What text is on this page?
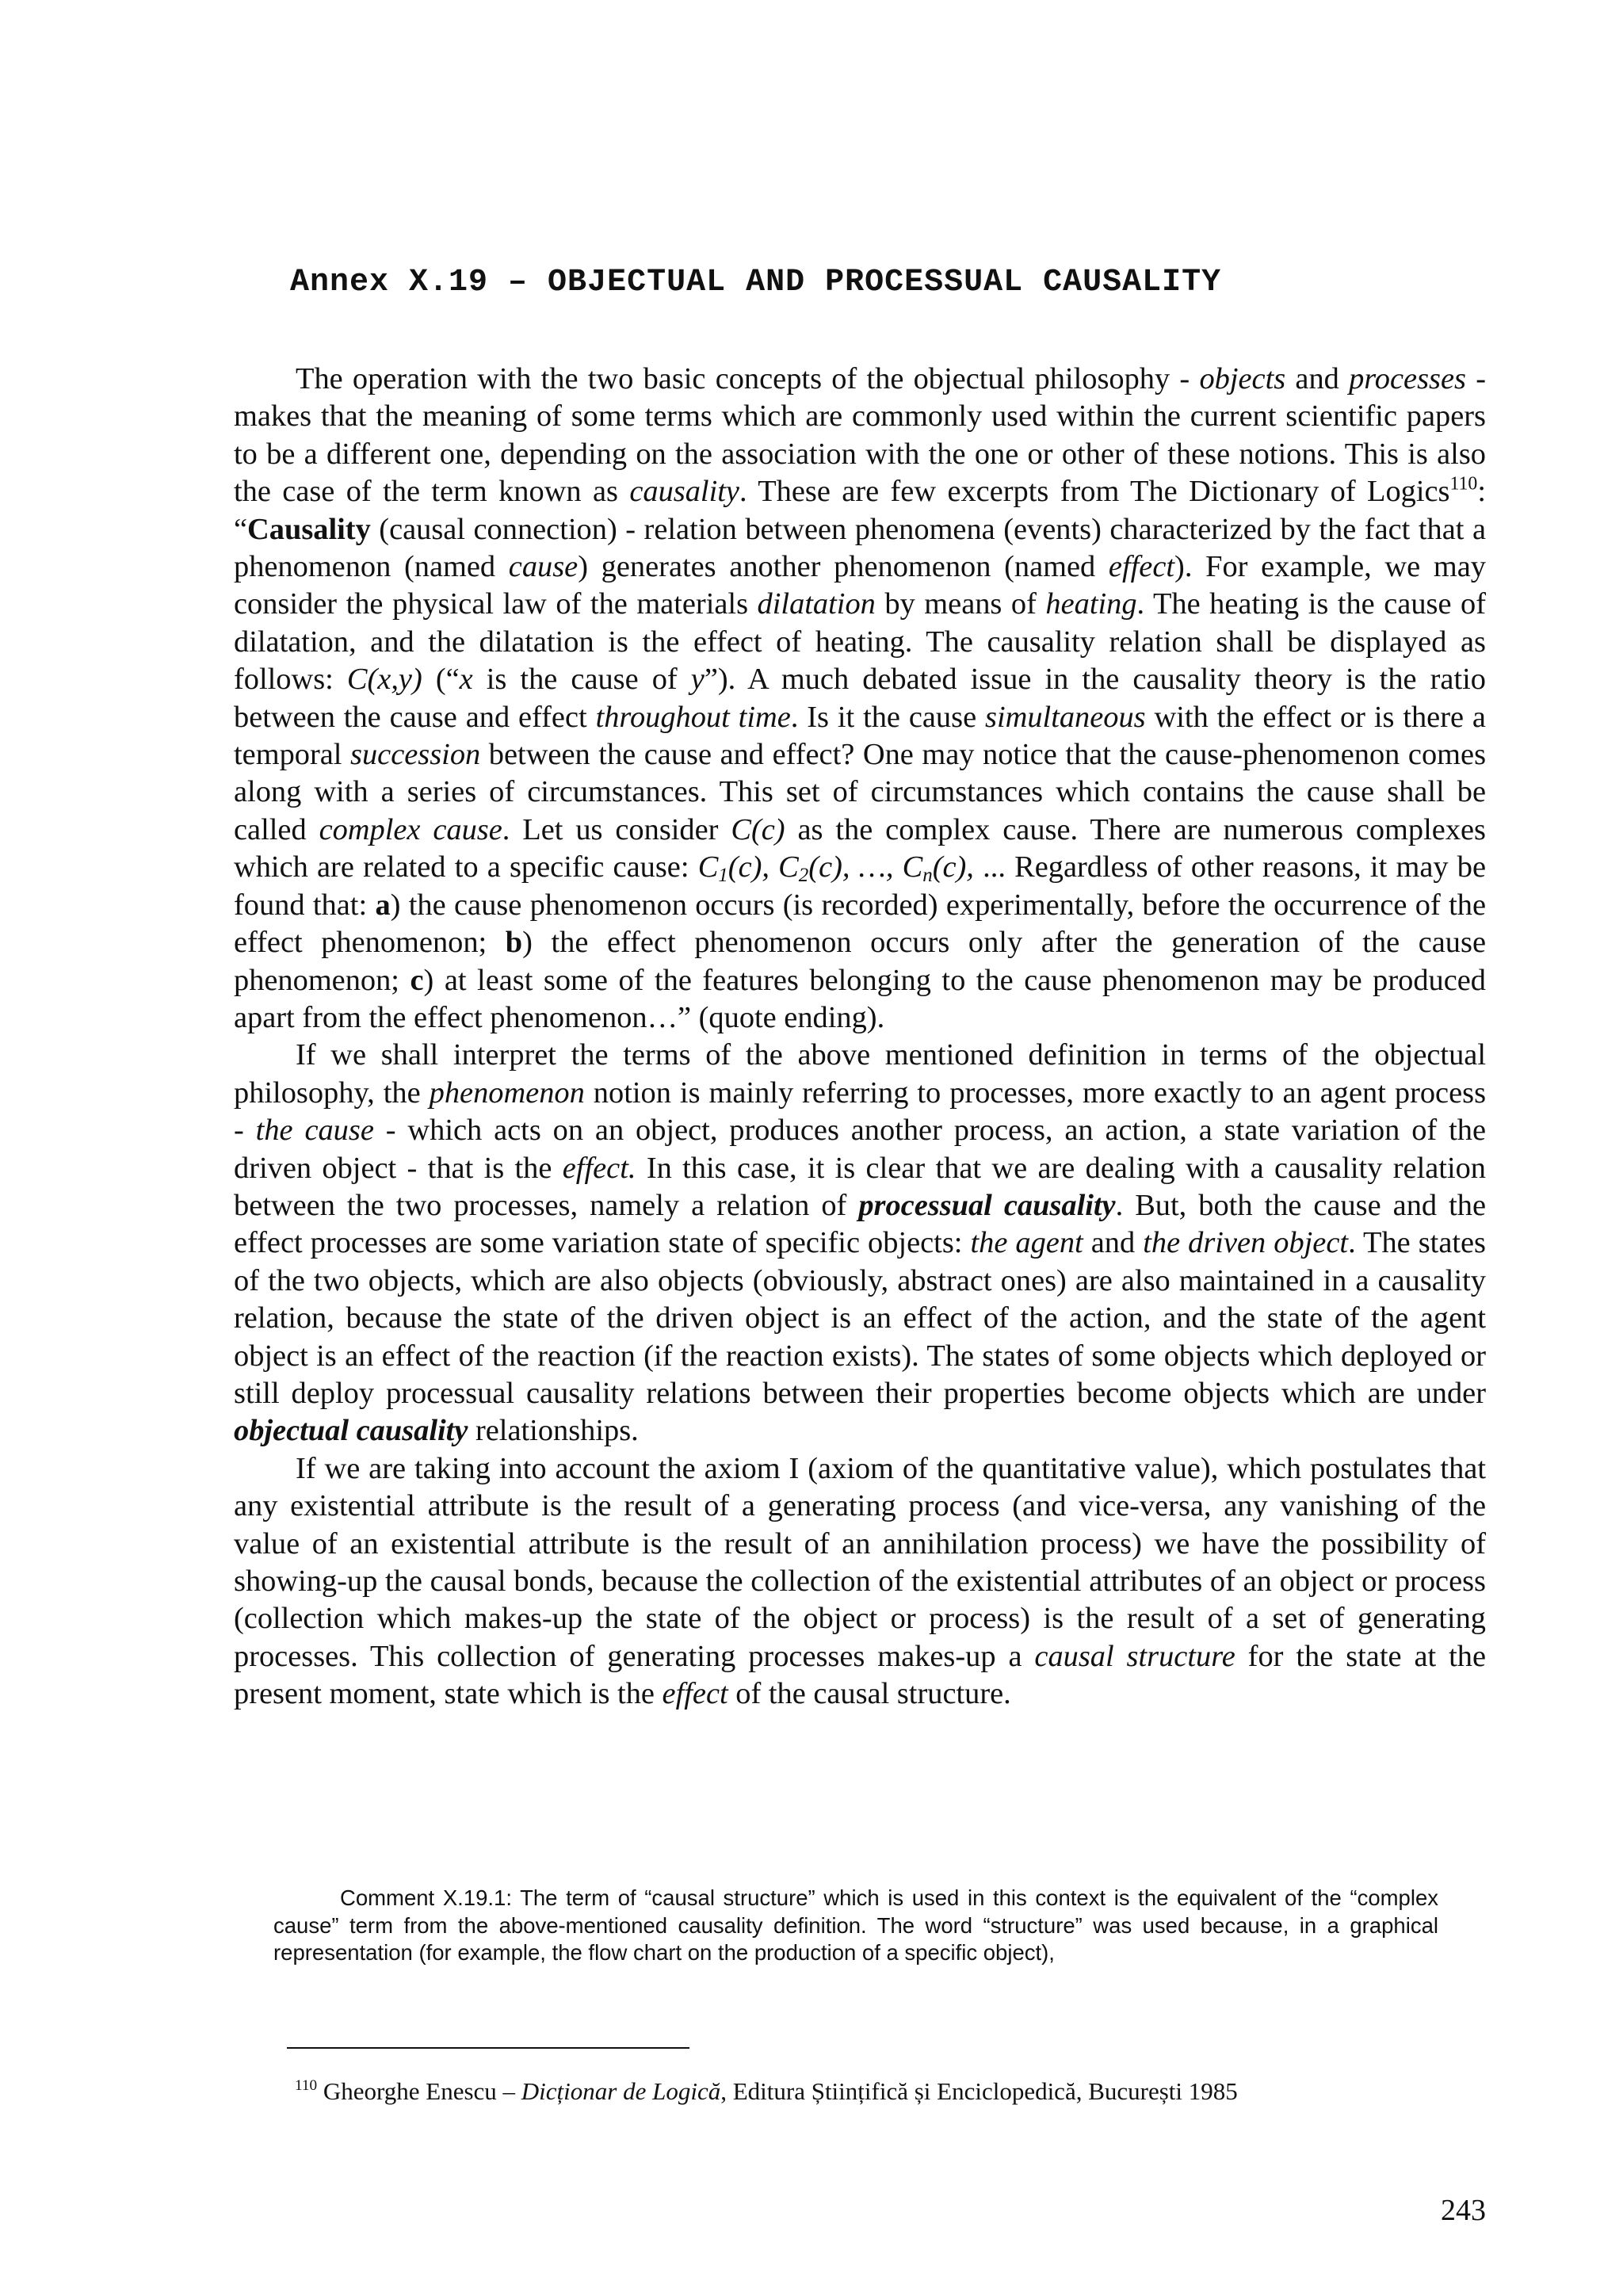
Annex X.19 – OBJECTUAL AND PROCESSUAL CAUSALITY

The operation with the two basic concepts of the objectual philosophy - objects and processes - makes that the meaning of some terms which are commonly used within the current scientific papers to be a different one, depending on the association with the one or other of these notions. This is also the case of the term known as causality. These are few excerpts from The Dictionary of Logics$^{110}$: “Causality (causal connection) - relation between phenomena (events) characterized by the fact that a phenomenon (named cause) generates another phenomenon (named effect). For example, we may consider the physical law of the materials dilatation by means of heating. The heating is the cause of dilatation, and the dilatation is the effect of heating. The causality relation shall be displayed as follows: C(x,y) (“x is the cause of y”). A much debated issue in the causality theory is the ratio between the cause and effect throughout time. Is it the cause simultaneous with the effect or is there a temporal succession between the cause and effect? One may notice that the cause-phenomenon comes along with a series of circumstances. This set of circumstances which contains the cause shall be called complex cause. Let us consider C(c) as the complex cause. There are numerous complexes which are related to a specific cause: $C_1(c)$, $C_2(c)$, …, $C_n(c)$, ... Regardless of other reasons, it may be found that: a) the cause phenomenon occurs (is recorded) experimentally, before the occurrence of the effect phenomenon; b) the effect phenomenon occurs only after the generation of the cause phenomenon; c) at least some of the features belonging to the cause phenomenon may be produced apart from the effect phenomenon…” (quote ending).

If we shall interpret the terms of the above mentioned definition in terms of the objectual philosophy, the phenomenon notion is mainly referring to processes, more exactly to an agent process - the cause - which acts on an object, produces another process, an action, a state variation of the driven object - that is the effect. In this case, it is clear that we are dealing with a causality relation between the two processes, namely a relation of processual causality. But, both the cause and the effect processes are some variation state of specific objects: the agent and the driven object. The states of the two objects, which are also objects (obviously, abstract ones) are also maintained in a causality relation, because the state of the driven object is an effect of the action, and the state of the agent object is an effect of the reaction (if the reaction exists). The states of some objects which deployed or still deploy processual causality relations between their properties become objects which are under objectual causality relationships.

If we are taking into account the axiom I (axiom of the quantitative value), which postulates that any existential attribute is the result of a generating process (and vice-versa, any vanishing of the value of an existential attribute is the result of an annihilation process) we have the possibility of showing-up the causal bonds, because the collection of the existential attributes of an object or process (collection which makes-up the state of the object or process) is the result of a set of generating processes. This collection of generating processes makes-up a causal structure for the state at the present moment, state which is the effect of the causal structure.

Comment X.19.1: The term of “causal structure” which is used in this context is the equivalent of the “complex cause” term from the above-mentioned causality definition. The word “structure” was used because, in a graphical representation (for example, the flow chart on the production of a specific object),

$^{110}$ Gheorghe Enescu – Dicționar de Logică, Editura Științifică și Enciclopedică, București 1985
243
